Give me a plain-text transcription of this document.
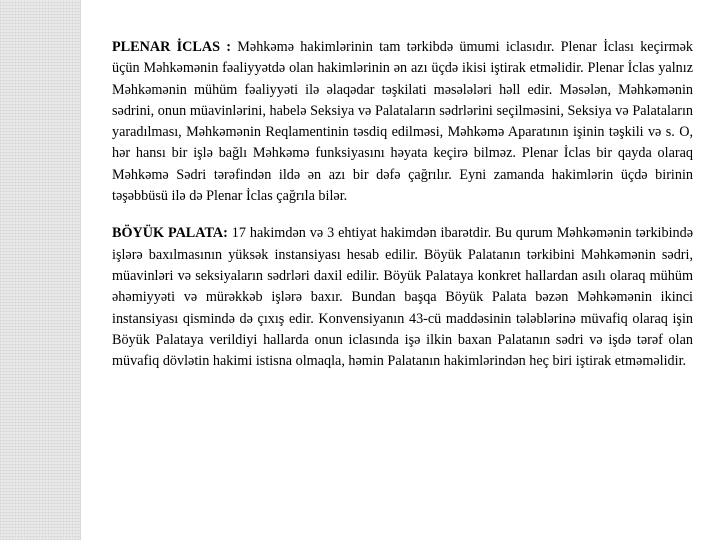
PLENAR İCLAS : Məhkəmə hakimlərinin tam tərkibdə ümumi iclasıdır. Plenar İclası keçirmək üçün Məhkəmənin fəaliyyətdə olan hakimlərinin ən azı üçdə ikisi iştirak etməlidir. Plenar İclas yalnız Məhkəmənin mühüm fəaliyyəti ilə əlaqədar təşkilati məsələləri həll edir. Məsələn, Məhkəmənin sədrini, onun müavinlərini, habelə Seksiya və Palataların sədrlərini seçilməsini, Seksiya və Palataların yaradılması, Məhkəmənin Reqlamentinin təsdiq edilməsi, Məhkəmə Aparatının işinin təşkili və s. O, hər hansı bir işlə bağlı Məhkəmə funksiyasını həyata keçirə bilməz. Plenar İclas bir qayda olaraq Məhkəmə Sədri tərəfindən ildə ən azı bir dəfə çağrılır. Eyni zamanda hakimlərin üçdə birinin təşəbbüsü ilə də Plenar İclas çağrıla bilər.

BÖYÜK PALATA: 17 hakimdən və 3 ehtiyat hakimdən ibarətdir. Bu qurum Məhkəmənin tərkibində işlərə baxılmasının yüksək instansiyası hesab edilir. Böyük Palatanın tərkibini Məhkəmənin sədri, müavinləri və seksiyaların sədrləri daxil edilir. Böyük Palataya konkret hallardan asılı olaraq mühüm əhəmiyyəti və mürəkkəb işlərə baxır. Bundan başqa Böyük Palata bəzən Məhkəmənin ikinci instansiyası qismində də çıxış edir. Konvensiyanın 43-cü maddəsinin tələblərinə müvafiq olaraq işin Böyük Palataya verildiyi hallarda onun iclasında işə ilkin baxan Palatanın sədri və işdə tərəf olan müvafiq dövlətin hakimi istisna olmaqla, həmin Palatanın hakimlərindən heç biri iştirak etməməlidir.
